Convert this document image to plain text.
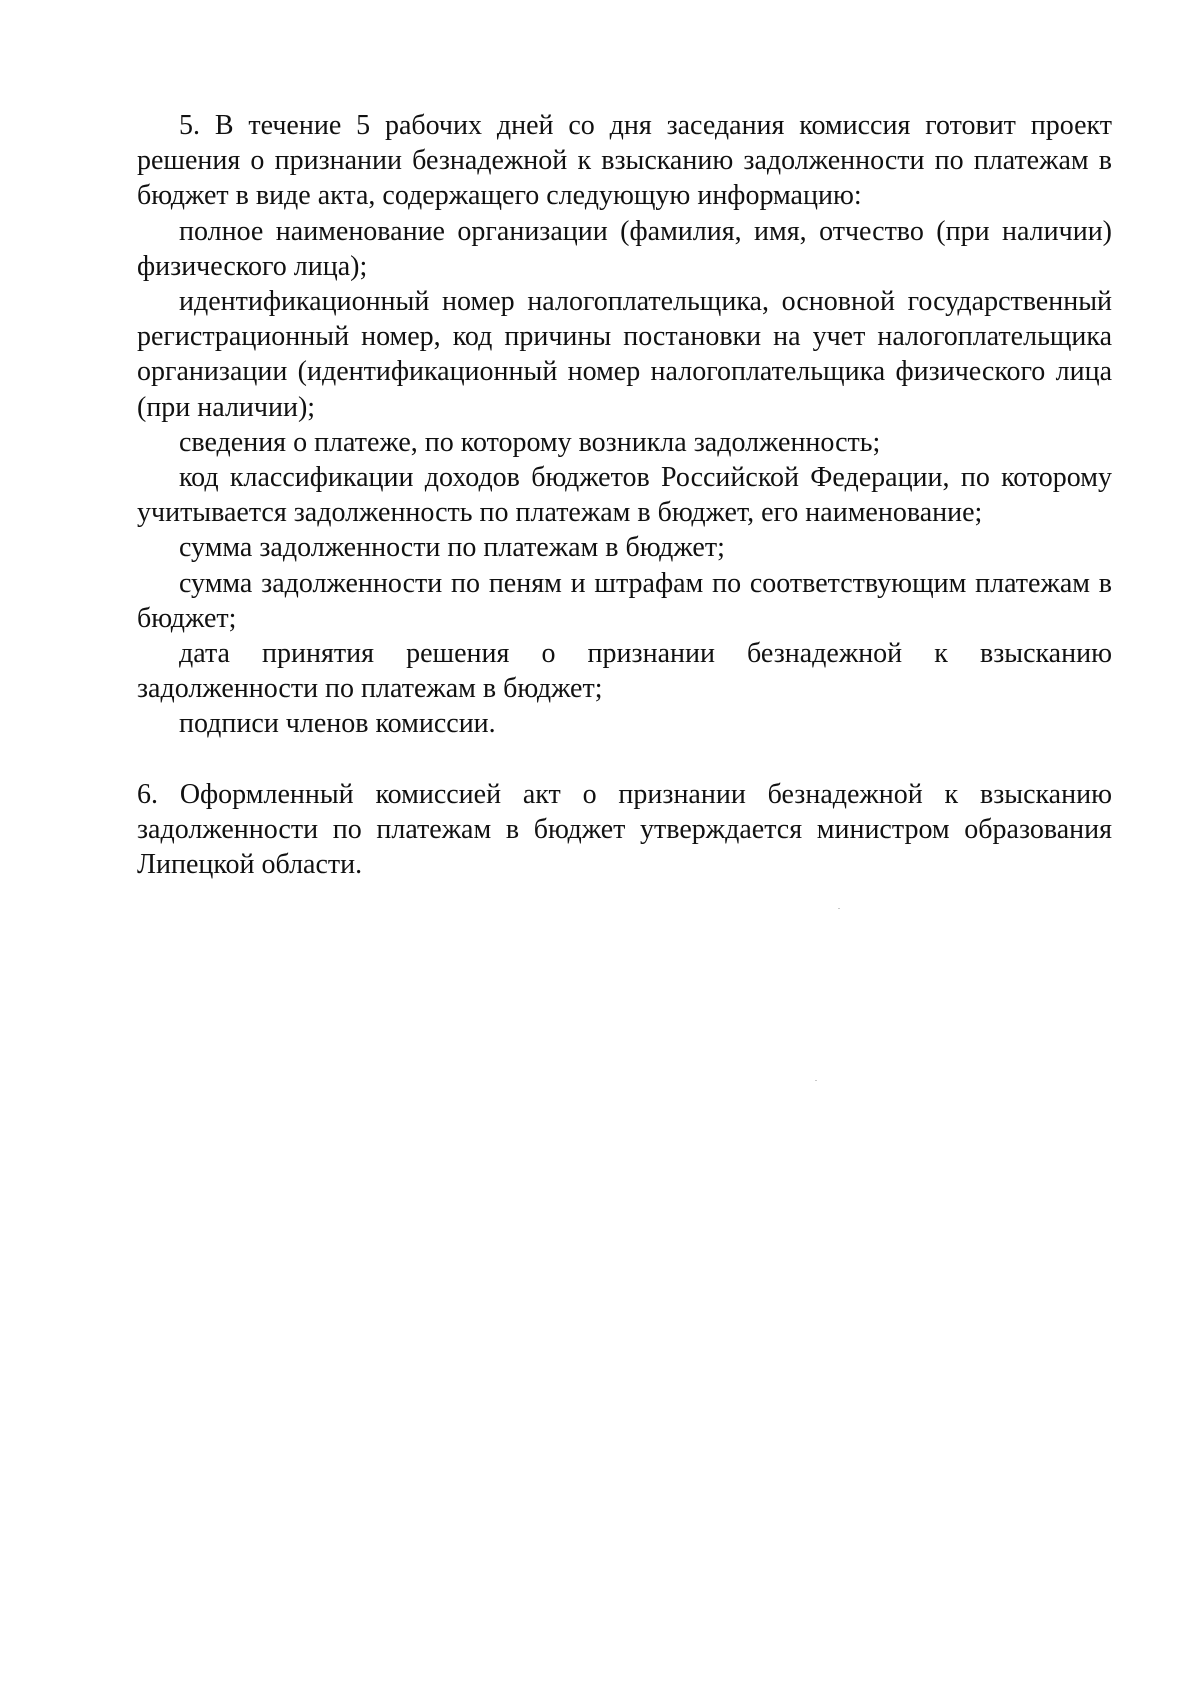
5. В течение 5 рабочих дней со дня заседания комиссия готовит проект решения о признании безнадежной к взысканию задолженности по платежам в бюджет в виде акта, содержащего следующую информацию:

полное наименование организации (фамилия, имя, отчество (при наличии) физического лица);

идентификационный номер налогоплательщика, основной государственный регистрационный номер, код причины постановки на учет налогоплательщика организации (идентификационный номер налогоплательщика физического лица (при наличии);

сведения о платеже, по которому возникла задолженность;

код классификации доходов бюджетов Российской Федерации, по которому учитывается задолженность по платежам в бюджет, его наименование;

сумма задолженности по платежам в бюджет;

сумма задолженности по пеням и штрафам по соответствующим платежам в бюджет;

дата принятия решения о признании безнадежной к взысканию задолженности по платежам в бюджет;

подписи членов комиссии.

6. Оформленный комиссией акт о признании безнадежной к взысканию задолженности по платежам в бюджет утверждается министром образования Липецкой области.
